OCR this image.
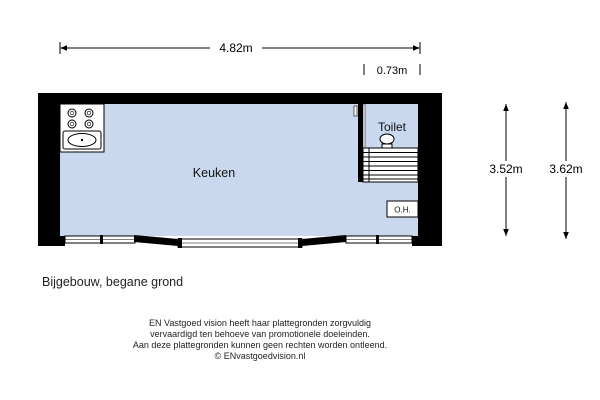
4.82m
0.73m
Keuken
Toilet
O.H.
3.52m 3.62m
Bijgebouw, begane grond
EN Vastgoed vision heeft haar plattegronden zorgvuldig
vervaardigd ten behoeve van promotionele doeleinden.
Aan deze plattegronden kunnen geen rechten worden ontleend.
© ENvastgoedvision.nl
